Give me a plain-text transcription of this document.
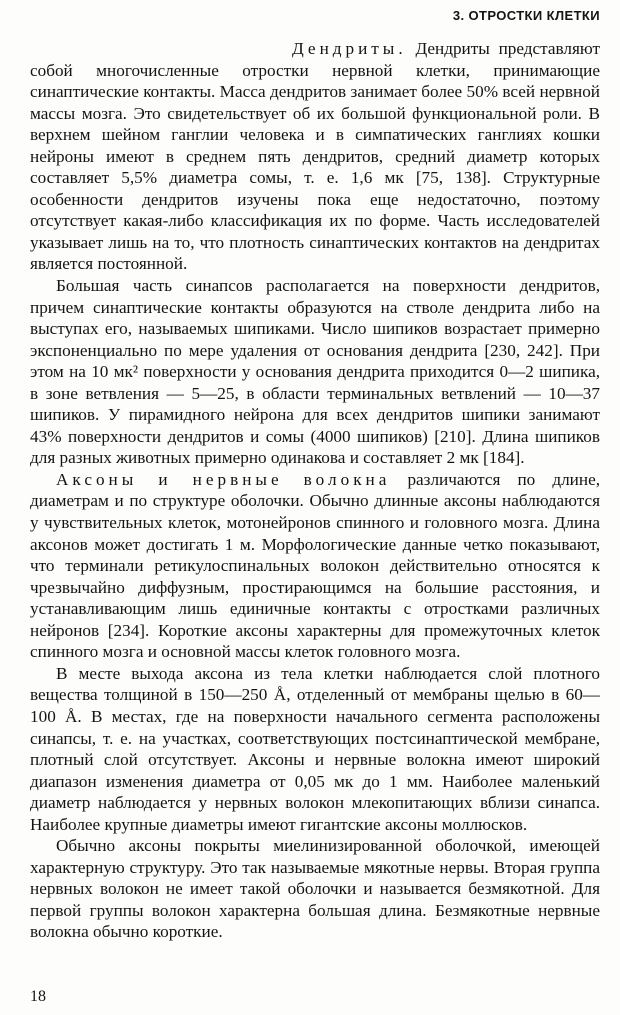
3. ОТРОСТКИ КЛЕТКИ

Дендриты. Дендриты представляют собой многочисленные отростки нервной клетки, принимающие синаптические контакты. Масса дендритов занимает более 50% всей нервной массы мозга. Это свидетельствует об их большой функциональной роли. В верхнем шейном ганглии человека и в симпатических ганглиях кошки нейроны имеют в среднем пять дендритов, средний диаметр которых составляет 5,5% диаметра сомы, т. е. 1,6 мк [75, 138]. Структурные особенности дендритов изучены пока еще недостаточно, поэтому отсутствует какая-либо классификация их по форме. Часть исследователей указывает лишь на то, что плотность синаптических контактов на дендритах является постоянной.

Большая часть синапсов располагается на поверхности дендритов, причем синаптические контакты образуются на стволе дендрита либо на выступах его, называемых шипиками. Число шипиков возрастает примерно экспоненциально по мере удаления от основания дендрита [230, 242]. При этом на 10 мк² поверхности у основания дендрита приходится 0—2 шипика, в зоне ветвления — 5—25, в области терминальных ветвлений — 10—37 шипиков. У пирамидного нейрона для всех дендритов шипики занимают 43% поверхности дендритов и сомы (4000 шипиков) [210]. Длина шипиков для разных животных примерно одинакова и составляет 2 мк [184].

Аксоны и нервные волокна различаются по длине, диаметрам и по структуре оболочки. Обычно длинные аксоны наблюдаются у чувствительных клеток, мотонейронов спинного и головного мозга. Длина аксонов может достигать 1 м. Морфологические данные четко показывают, что терминали ретикулоспинальных волокон действительно относятся к чрезвычайно диффузным, простирающимся на большие расстояния, и устанавливающим лишь единичные контакты с отростками различных нейронов [234]. Короткие аксоны характерны для промежуточных клеток спинного мозга и основной массы клеток головного мозга.

В месте выхода аксона из тела клетки наблюдается слой плотного вещества толщиной в 150—250 Å, отделенный от мембраны щелью в 60—100 Å. В местах, где на поверхности начального сегмента расположены синапсы, т. е. на участках, соответствующих постсинаптической мембране, плотный слой отсутствует. Аксоны и нервные волокна имеют широкий диапазон изменения диаметра от 0,05 мк до 1 мм. Наиболее маленький диаметр наблюдается у нервных волокон млекопитающих вблизи синапса. Наиболее крупные диаметры имеют гигантские аксоны моллюсков.

Обычно аксоны покрыты миелинизированной оболочкой, имеющей характерную структуру. Это так называемые мякотные нервы. Вторая группа нервных волокон не имеет такой оболочки и называется безмякотной. Для первой группы волокон характерна большая длина. Безмякотные нервные волокна обычно короткие.

18
